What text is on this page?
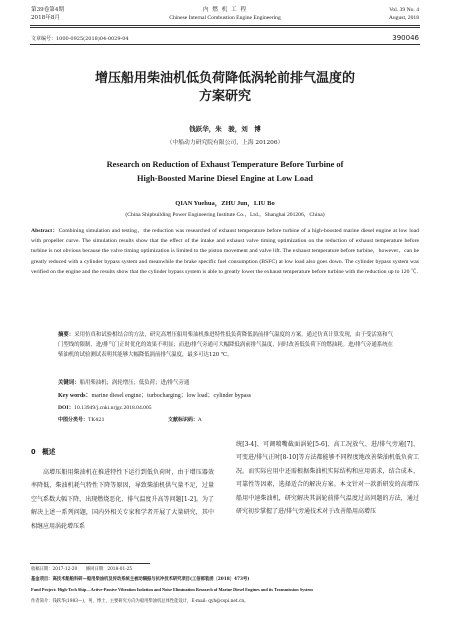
第39卷第4期
2018年8月
内 燃 机 工 程
Chinese Internal Combustion Engine Engineering
Vol. 39 No. 4
August, 2018
文章编号：1000-0925(2018)04-0029-04	390046
增压船用柴油机低负荷降低涡轮前排气温度的
方案研究
钱跃华，朱　骏，刘　博
（中船动力研究院有限公司，上海 201206）
Research on Reduction of Exhaust Temperature Before Turbine of
High-Boosted Marine Diesel Engine at Low Load
QIAN Yuehua，ZHU Jun，LIU Bo
(China Shipbuilding Power Engineering Institute Co.，Ltd.，Shanghai 201206，China)
Abstract：Combining simulation and testing，the reduction was researched of exhaust temperature before turbine of a high-boosted marine diesel engine at low load with propeller curve. The simulation results show that the effect of the intake and exhaust valve timing optimization on the reduction of exhaust temperature before turbine is not obvious because the valve timing optimization is limited to the piston movement and valve lift. The exhaust temperature before turbine，however，can be greatly reduced with a cylinder bypass system and meanwhile the brake specific fuel consumption (BSFC) at low load also goes down. The cylinder bypass system was verified on the engine and the results show that the cylinder bypass system is able to greatly lower the exhaust temperature before turbine with the reduction up to 120 ℃.
摘要：采用仿真和试验相结合的方法，研究高增压船用柴油机推进特性低负荷降低涡前排气温度的方案。通过仿真计算发现，由于受活塞和气门型线的限制，进/排气门正时优化的效果不明显；而进/排气旁通可大幅降低涡前排气温度，同时改善低负荷下的燃油耗。进/排气旁通系统在柴油机的试验测试表明其能够大幅降低涡前排气温度，最多可达120 ℃。
关键词：船用柴油机；涡轮增压；低负荷；进/排气旁通
Key words：marine diesel engine；turbocharging；low load；cylinder bypass
DOI：10.13949/j.cnki.nrjgc.2018.04.005
中图分类号：TK421	文献标识码：A
0　概述
高增压船用柴油机在推进特性下运行到低负荷时，由于增压器效率降低，柴油机耗气特性下降等原因，导致柴油机供气量不足，过量空气系数大幅下降，出现燃烧恶化、排气温度升高等问题[1-2]。为了解决上述一系列问题，国内外相关专家和学者开展了大量研究，其中相继应用涡轮增压系
统[3-4]、可调喷嘴截面涡轮[5-6]、高工况放气、进/排气旁通[7]、可变进/排气正时[8-10]等方法都能够不同程度地改善柴油机低负荷工况。而实际应用中还需根据柴油机实际结构和应用需求，结合成本、可靠性等因素，选择适合的解决方案。本文针对一款新研发的高增压船用中速柴油机，研究解决其涡轮前排气温度过高问题的方法，通过研究初步掌握了进/排气旁通技术对于改善船用高增压
收稿日期：2017-12-20　　修回日期：2018-01-25
基金项目：高技术船舶科研—船用柴油机及传动系统主被动隔振与抗冲技术研究项目(工信部装函〔2018〕473号)
Fund Project: High-Tech Ship—Active-Passive Vibration Isolation and Noise Elimination Research of Marine Diesel Engines and its Transmission System
作者简介：钱跃华(1983—)，男，博士，主要研究方向为船用柴油机总体性能设计，E-mail: qyh@cspi.net.cn。
